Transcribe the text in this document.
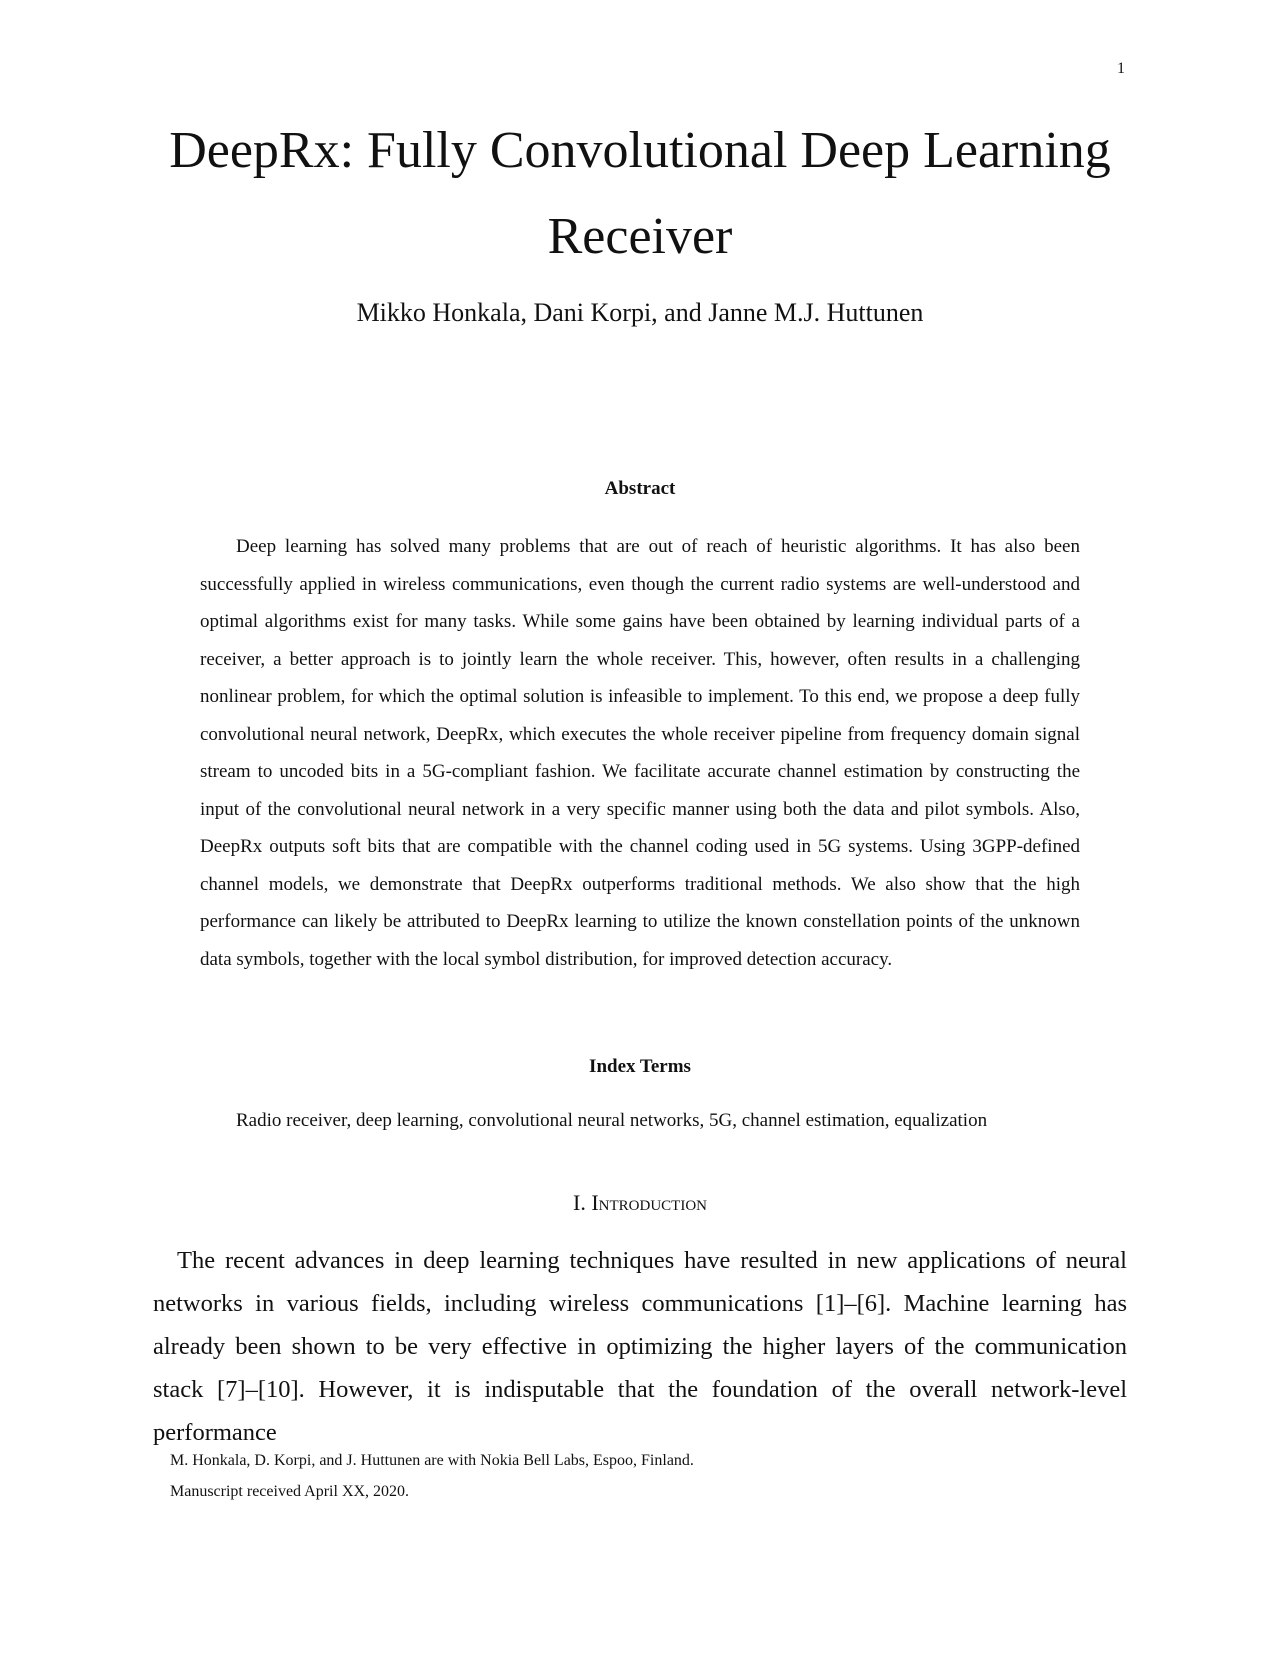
1
DeepRx: Fully Convolutional Deep Learning Receiver
Mikko Honkala, Dani Korpi, and Janne M.J. Huttunen
Abstract

Deep learning has solved many problems that are out of reach of heuristic algorithms. It has also been successfully applied in wireless communications, even though the current radio systems are well-understood and optimal algorithms exist for many tasks. While some gains have been obtained by learning individual parts of a receiver, a better approach is to jointly learn the whole receiver. This, however, often results in a challenging nonlinear problem, for which the optimal solution is infeasible to implement. To this end, we propose a deep fully convolutional neural network, DeepRx, which executes the whole receiver pipeline from frequency domain signal stream to uncoded bits in a 5G-compliant fashion. We facilitate accurate channel estimation by constructing the input of the convolutional neural network in a very specific manner using both the data and pilot symbols. Also, DeepRx outputs soft bits that are compatible with the channel coding used in 5G systems. Using 3GPP-defined channel models, we demonstrate that DeepRx outperforms traditional methods. We also show that the high performance can likely be attributed to DeepRx learning to utilize the known constellation points of the unknown data symbols, together with the local symbol distribution, for improved detection accuracy.

Index Terms
Radio receiver, deep learning, convolutional neural networks, 5G, channel estimation, equalization
I. Introduction

The recent advances in deep learning techniques have resulted in new applications of neural networks in various fields, including wireless communications [1]–[6]. Machine learning has already been shown to be very effective in optimizing the higher layers of the communication stack [7]–[10]. However, it is indisputable that the foundation of the overall network-level performance

M. Honkala, D. Korpi, and J. Huttunen are with Nokia Bell Labs, Espoo, Finland.
Manuscript received April XX, 2020.
